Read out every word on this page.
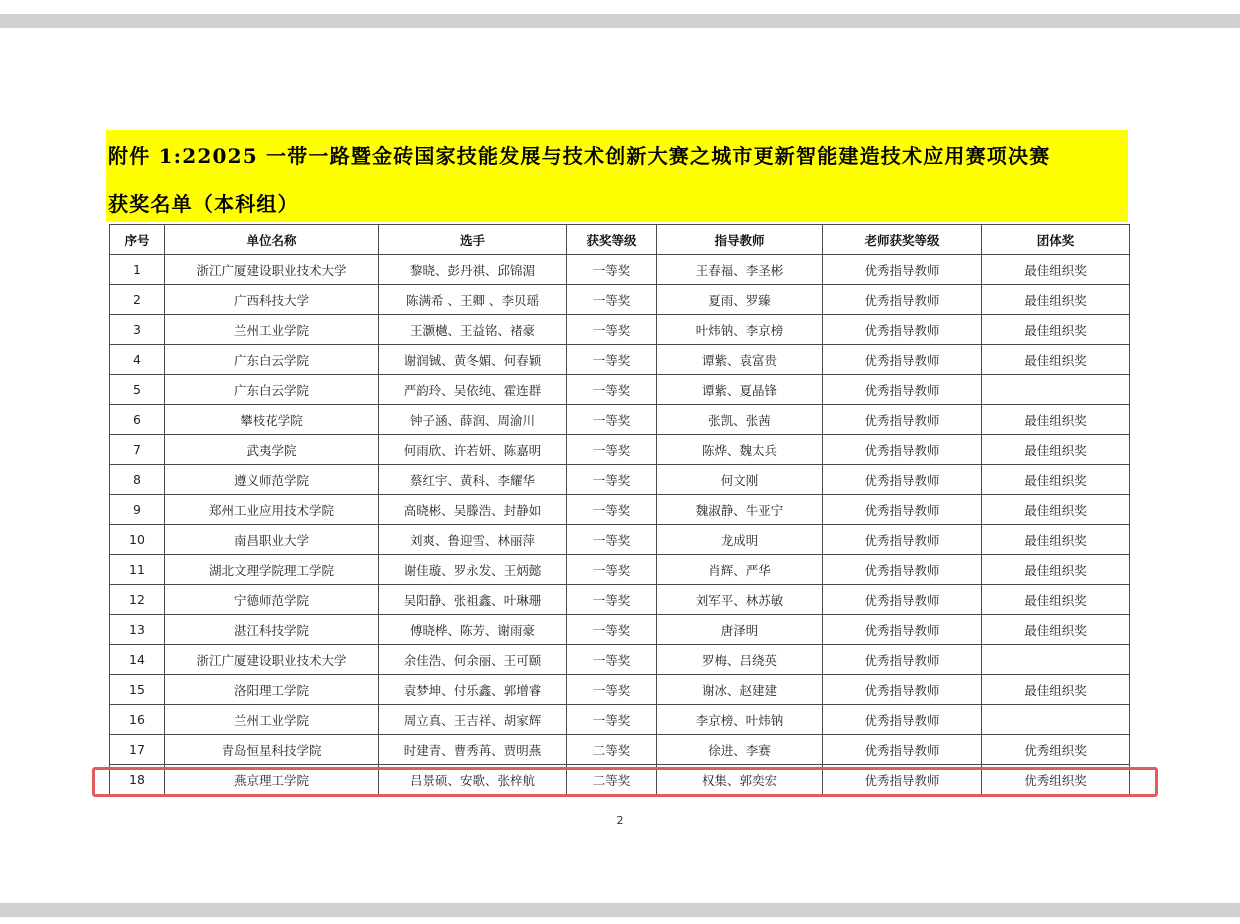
附件 1:22025 一带一路暨金砖国家技能发展与技术创新大赛之城市更新智能建造技术应用赛项决赛
获奖名单（本科组）
序号	单位名称	选手	获奖等级	指导教师	老师获奖等级	团体奖
1	浙江广厦建设职业技术大学	黎晓、彭丹祺、邱锦湄	一等奖	王春福、李圣彬	优秀指导教师	最佳组织奖
2	广西科技大学	陈满希 、王卿 、李贝瑶	一等奖	夏雨、罗臻	优秀指导教师	最佳组织奖
3	兰州工业学院	王灏樾、王益铭、褚豪	一等奖	叶炜钠、李京榜	优秀指导教师	最佳组织奖
4	广东白云学院	谢润铖、黄冬媚、何春颖	一等奖	谭紫、袁富贵	优秀指导教师	最佳组织奖
5	广东白云学院	严韵玲、吴依纯、霍连群	一等奖	谭紫、夏晶锋	优秀指导教师	
6	攀枝花学院	钟子涵、薛润、周渝川	一等奖	张凯、张茜	优秀指导教师	最佳组织奖
7	武夷学院	何雨欣、许若妍、陈嘉明	一等奖	陈烨、魏太兵	优秀指导教师	最佳组织奖
8	遵义师范学院	蔡红宇、黄科、李耀华	一等奖	何文刚	优秀指导教师	最佳组织奖
9	郑州工业应用技术学院	高晓彬、吴滕浩、封静如	一等奖	魏淑静、牛亚宁	优秀指导教师	最佳组织奖
10	南昌职业大学	刘爽、鲁迎雪、林丽萍	一等奖	龙成明	优秀指导教师	最佳组织奖
11	湖北文理学院理工学院	谢佳璇、罗永发、王炳懿	一等奖	肖辉、严华	优秀指导教师	最佳组织奖
12	宁德师范学院	吴阳静、张祖鑫、叶琳珊	一等奖	刘军平、林苏敏	优秀指导教师	最佳组织奖
13	湛江科技学院	傅晓桦、陈芳、谢雨豪	一等奖	唐泽明	优秀指导教师	最佳组织奖
14	浙江广厦建设职业技术大学	余佳浩、何余丽、王可颐	一等奖	罗梅、吕绕英	优秀指导教师	
15	洛阳理工学院	袁梦坤、付乐鑫、郭增睿	一等奖	谢冰、赵建建	优秀指导教师	最佳组织奖
16	兰州工业学院	周立真、王吉祥、胡家辉	一等奖	李京榜、叶炜钠	优秀指导教师	
17	青岛恒星科技学院	时建青、曹秀苒、贾明燕	二等奖	徐进、李赛	优秀指导教师	优秀组织奖
18	燕京理工学院	吕景硕、安歌、张梓航	二等奖	权集、郭奕宏	优秀指导教师	优秀组织奖
2
